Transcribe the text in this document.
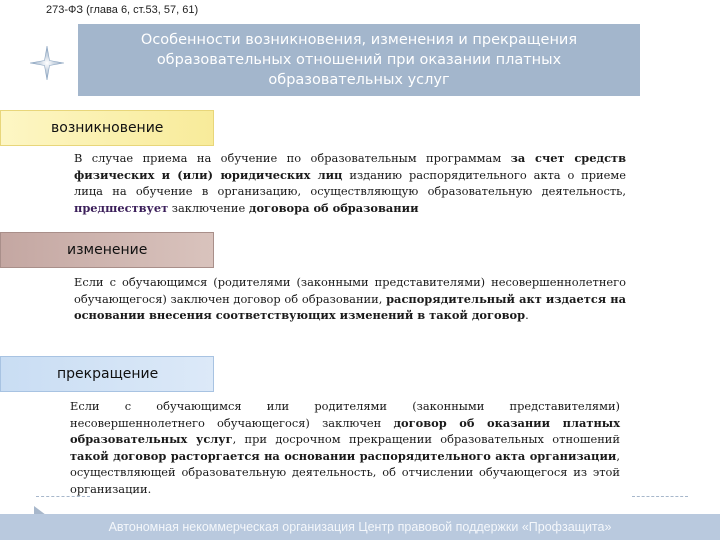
273-ФЗ (глава 6, ст.53, 57, 61)
Особенности возникновения, изменения и прекращения образовательных отношений при оказании платных образовательных услуг
возникновение
В случае приема на обучение по образовательным программам за счет средств физических и (или) юридических лиц изданию распорядительного акта о приеме лица на обучение в организацию, осуществляющую образовательную деятельность, предшествует заключение договора об образовании
изменение
Если с обучающимся (родителями (законными представителями) несовершеннолетнего обучающегося) заключен договор об образовании, распорядительный акт издается на основании внесения соответствующих изменений в такой договор.
прекращение
Если с обучающимся или родителями (законными представителями) несовершеннолетнего обучающегося) заключен договор об оказании платных образовательных услуг, при досрочном прекращении образовательных отношений такой договор расторгается на основании распорядительного акта организации, осуществляющей образовательную деятельность, об отчислении обучающегося из этой организации.
Автономная некоммерческая организация Центр правовой поддержки «Профзащита»
